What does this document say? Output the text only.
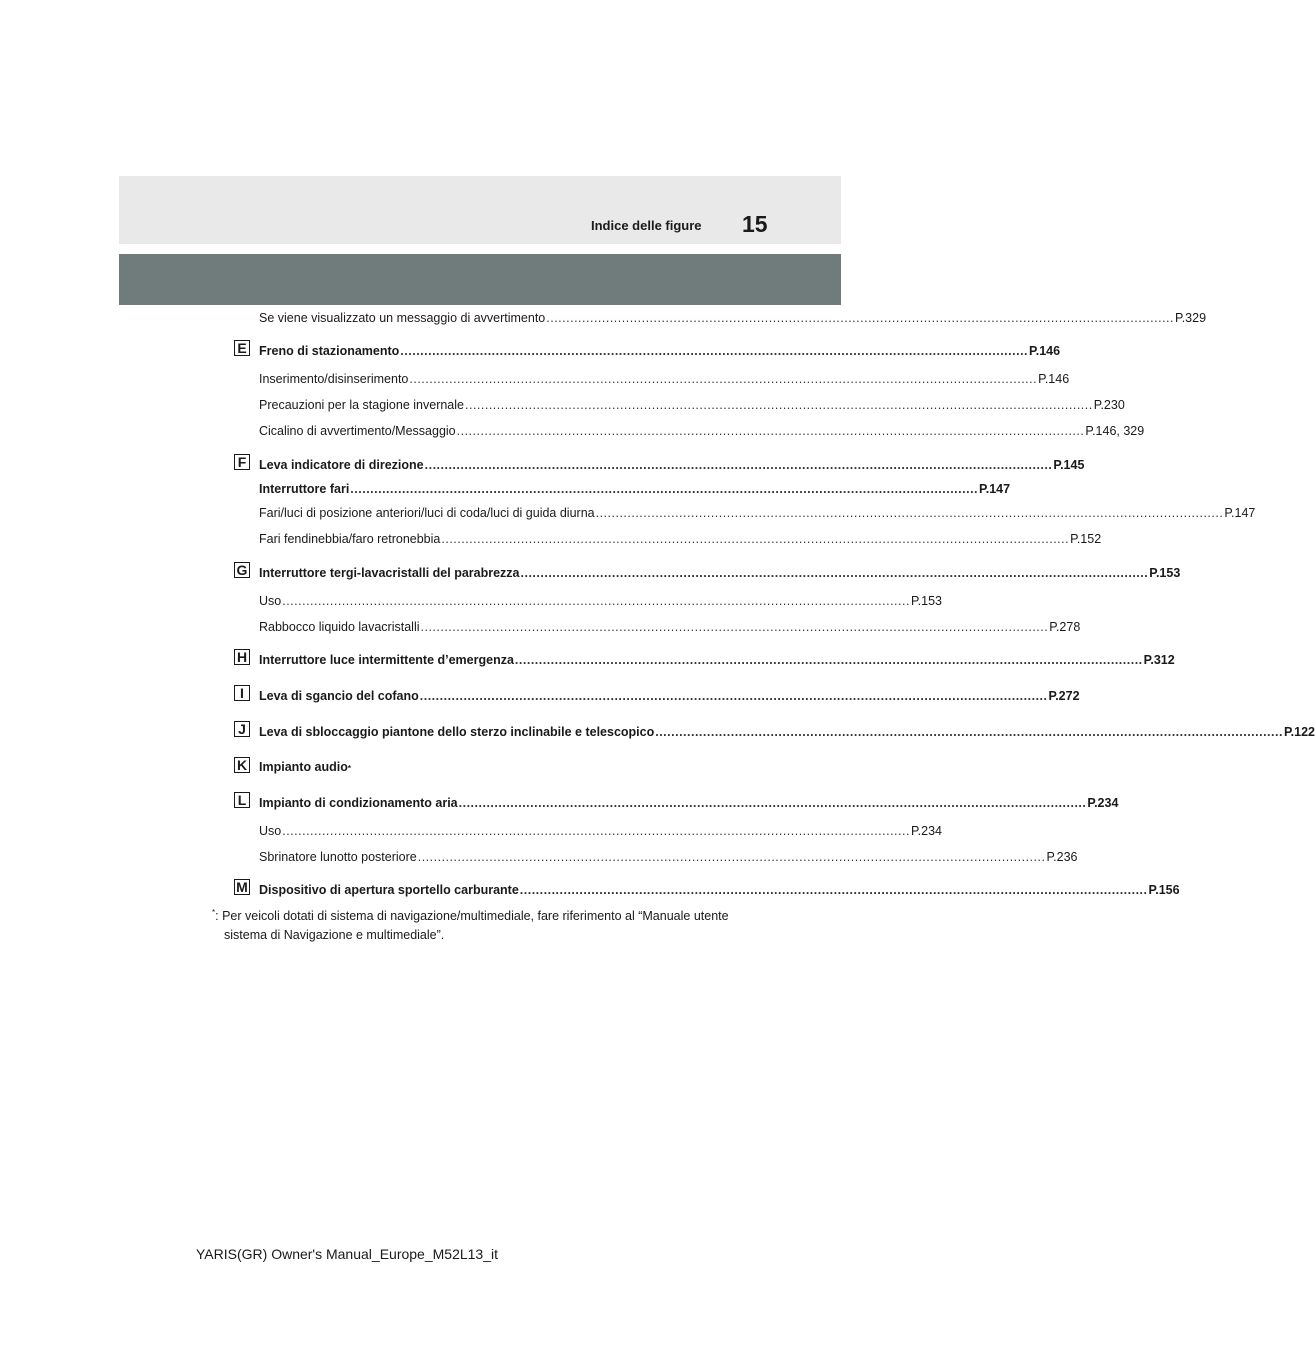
Indice delle figure 15
Se viene visualizzato un messaggio di avvertimento .............................................................................................................................................................. P.329
E Freno di stazionamento .............................................................................................................................................................. P.146
Inserimento/disinserimento .............................................................................................................................................................. P.146
Precauzioni per la stagione invernale .............................................................................................................................................................. P.230
Cicalino di avvertimento/Messaggio .............................................................................................................................................................. P.146, 329
F Leva indicatore di direzione .............................................................................................................................................................. P.145
Interruttore fari .............................................................................................................................................................. P.147
Fari/luci di posizione anteriori/luci di coda/luci di guida diurna .............................................................................................................................................................. P.147
Fari fendinebbia/faro retronebbia .............................................................................................................................................................. P.152
G Interruttore tergi-lavacristalli del parabrezza .............................................................................................................................................................. P.153
Uso .............................................................................................................................................................. P.153
Rabbocco liquido lavacristalli .............................................................................................................................................................. P.278
H Interruttore luce intermittente d’emergenza .............................................................................................................................................................. P.312
I	Leva di sgancio del cofano .............................................................................................................................................................. P.272
J	Leva di sbloccaggio piantone dello sterzo inclinabile e telescopico .............................................................................................................................................................. P.122
K Impianto audio *
L Impianto di condizionamento aria .............................................................................................................................................................. P.234
Uso .............................................................................................................................................................. P.234
Sbrinatore lunotto posteriore .............................................................................................................................................................. P.236
M Dispositivo di apertura sportello carburante .............................................................................................................................................................. P.156
*: Per veicoli dotati di sistema di navigazione/multimediale, fare riferimento al “Manuale utente
sistema di Navigazione e multimediale”.
YARIS(GR) Owner's Manual_Europe_M52L13_it
